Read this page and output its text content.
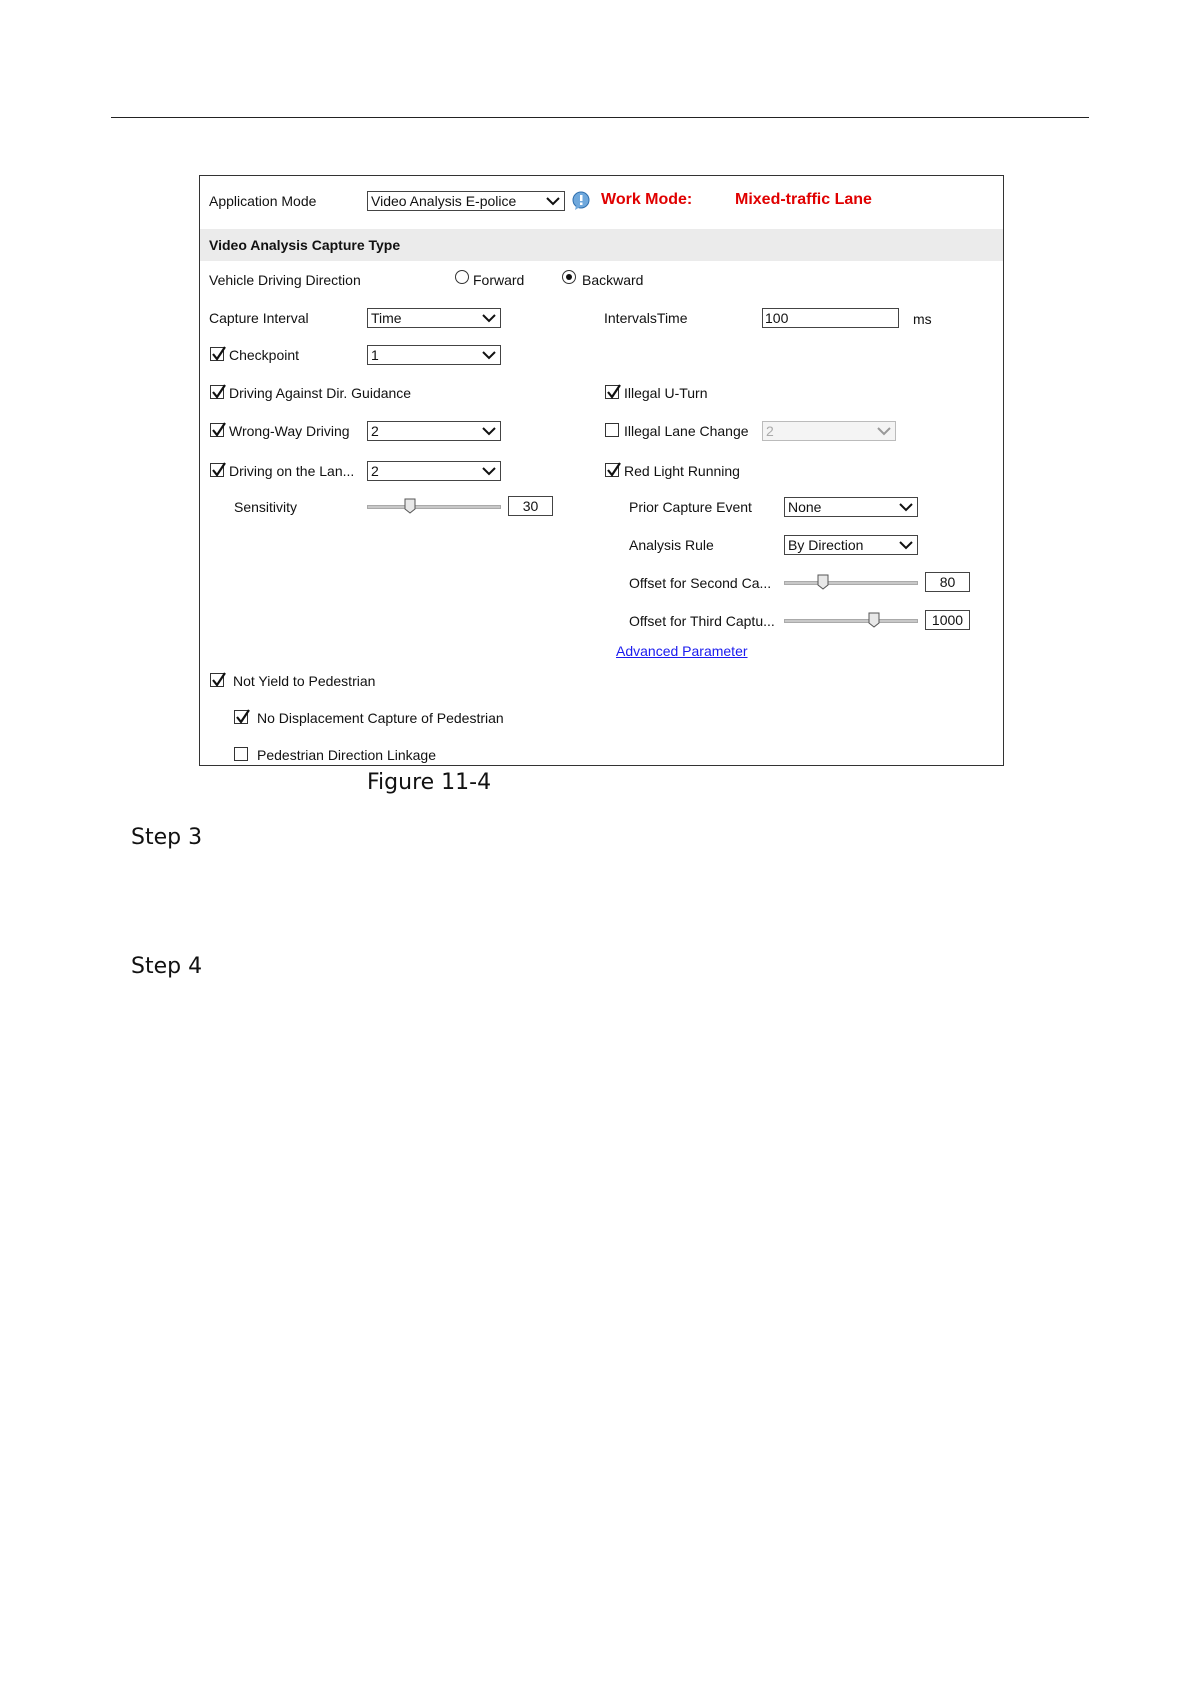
Application Mode	Video Analysis E-police	Work Mode:	Mixed-traffic Lane
Video Analysis Capture Type
Vehicle Driving Direction	Forward	Backward
Capture Interval	Time	IntervalsTime	100	ms
Checkpoint	1
Driving Against Dir. Guidance	Illegal U-Turn
Wrong-Way Driving 2	Illegal Lane Change 2
Driving on the Lan... 2	Red Light Running
Sensitivity	30	Prior Capture Event	None
Analysis Rule	By Direction
Offset for Second Ca...	80
Offset for Third Captu...	1000
Advanced Parameter
Not Yield to Pedestrian
No Displacement Capture of Pedestrian
Pedestrian Direction Linkage
Figure 11-4
Step 3
Step 4
